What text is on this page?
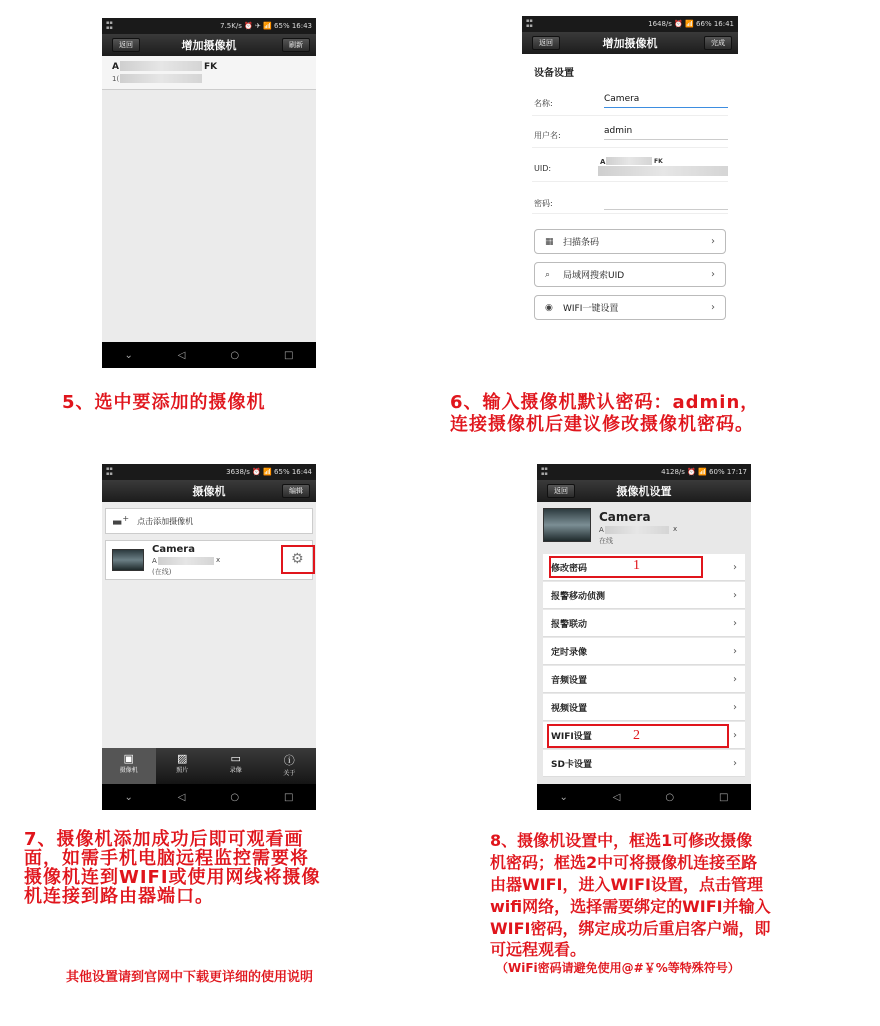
▪▪
▪▪	7.5K/s ⏰ ✈ 📶 65% 16:43
返回	增加摄像机	刷新
A	FK
1(
⌄	◁	○	□
▪▪
▪▪	1648/s ⏰ 📶 66% 16:41
返回	增加摄像机	完成
设备设置
名称:	Camera
用户名:	admin
UID:
A	FK
密码:
▦	扫描条码	›
⌕	局域网搜索UID	›
◉	WIFI一键设置	›
5、选中要添加的摄像机	6、输入摄像机默认密码：admin，
连接摄像机后建议修改摄像机密码。
▪▪
▪▪	3638/s ⏰ 📶 65% 16:44
摄像机	编辑
▬+ 点击添加摄像机
Camera
A	x
(在线)
⚙
▣
摄像机
▨
照片
▭
录像
ⓘ
关于
⌄	◁	○	□
▪▪
▪▪	4128/s ⏰ 📶 60% 17:17
返回	摄像机设置
Camera
A	x
在线
修改密码	›
报警移动侦测	›
报警联动	›
定时录像	›
音频设置	›
视频设置	›
WIFI设置	›
SD卡设置	›
1
2
⌄	◁	○	□
7、摄像机添加成功后即可观看画
面，如需手机电脑远程监控需要将
摄像机连到WIFI或使用网线将摄像
机连接到路由器端口。
8、摄像机设置中，框选1可修改摄像
机密码；框选2中可将摄像机连接至路
由器WIFI，进入WIFI设置，点击管理
wifi网络，选择需要绑定的WIFI并输入
WIFI密码，绑定成功后重启客户端，即
可远程观看。
（WiFi密码请避免使用@#￥%等特殊符号）
其他设置请到官网中下载更详细的使用说明
